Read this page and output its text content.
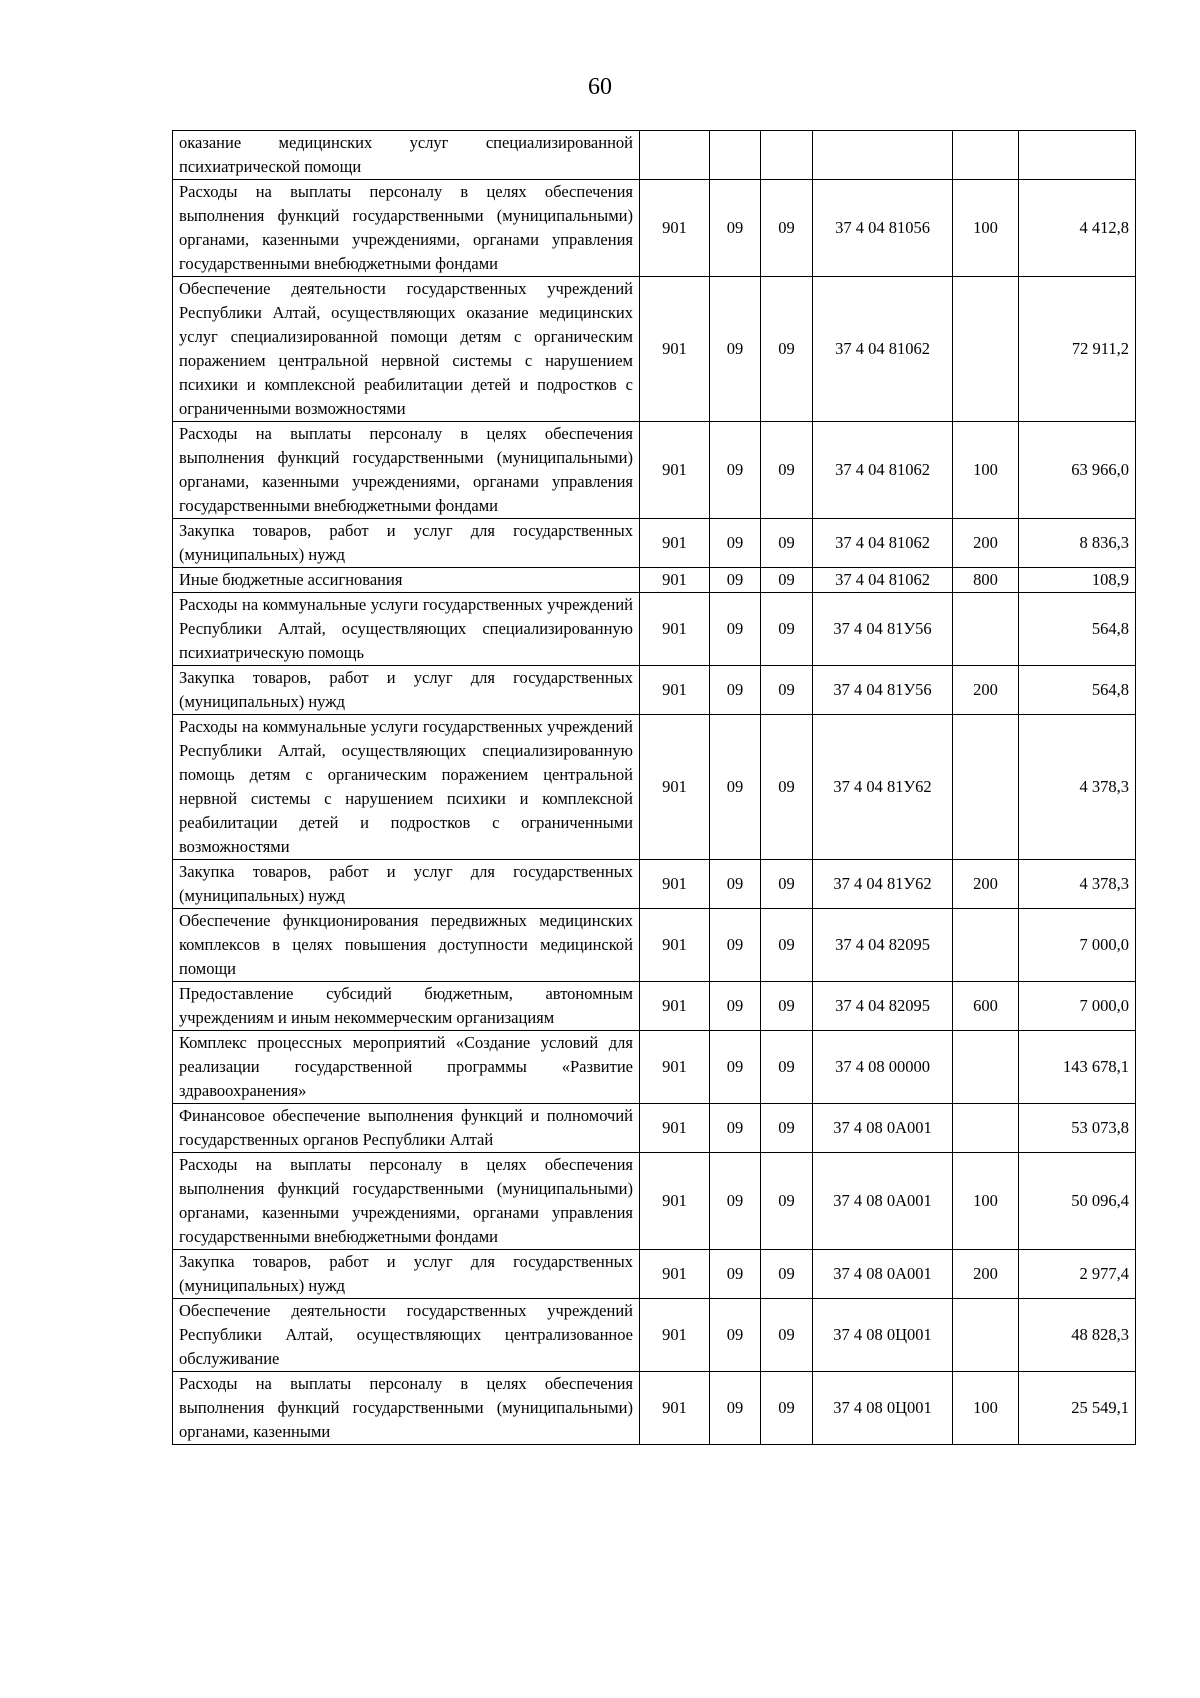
60
оказание медицинских услуг специализированной психиатрической помощи						
Расходы на выплаты персоналу в целях обеспечения выполнения функций государственными (муниципальными) органами, казенными учреждениями, органами управления государственными внебюджетными фондами	901	09	09	37 4 04 81056	100	4 412,8
Обеспечение деятельности государственных учреждений Республики Алтай, осуществляющих оказание медицинских услуг специализированной помощи детям с органическим поражением центральной нервной системы с нарушением психики и комплексной реабилитации детей и подростков с ограниченными возможностями	901	09	09	37 4 04 81062		72 911,2
Расходы на выплаты персоналу в целях обеспечения выполнения функций государственными (муниципальными) органами, казенными учреждениями, органами управления государственными внебюджетными фондами	901	09	09	37 4 04 81062	100	63 966,0
Закупка товаров, работ и услуг для государственных (муниципальных) нужд	901	09	09	37 4 04 81062	200	8 836,3
Иные бюджетные ассигнования	901	09	09	37 4 04 81062	800	108,9
Расходы на коммунальные услуги государственных учреждений Республики Алтай, осуществляющих специализированную психиатрическую помощь	901	09	09	37 4 04 81У56		564,8
Закупка товаров, работ и услуг для государственных (муниципальных) нужд	901	09	09	37 4 04 81У56	200	564,8
Расходы на коммунальные услуги государственных учреждений Республики Алтай, осуществляющих специализированную помощь детям с органическим поражением центральной нервной системы с нарушением психики и комплексной реабилитации детей и подростков с ограниченными возможностями	901	09	09	37 4 04 81У62		4 378,3
Закупка товаров, работ и услуг для государственных (муниципальных) нужд	901	09	09	37 4 04 81У62	200	4 378,3
Обеспечение функционирования передвижных медицинских комплексов в целях повышения доступности медицинской помощи	901	09	09	37 4 04 82095		7 000,0
Предоставление субсидий бюджетным, автономным учреждениям и иным некоммерческим организациям	901	09	09	37 4 04 82095	600	7 000,0
Комплекс процессных мероприятий «Создание условий для реализации государственной программы «Развитие здравоохранения»	901	09	09	37 4 08 00000		143 678,1
Финансовое обеспечение выполнения функций и полномочий государственных органов Республики Алтай	901	09	09	37 4 08 0А001		53 073,8
Расходы на выплаты персоналу в целях обеспечения выполнения функций государственными (муниципальными) органами, казенными учреждениями, органами управления государственными внебюджетными фондами	901	09	09	37 4 08 0А001	100	50 096,4
Закупка товаров, работ и услуг для государственных (муниципальных) нужд	901	09	09	37 4 08 0А001	200	2 977,4
Обеспечение деятельности государственных учреждений Республики Алтай, осуществляющих централизованное обслуживание	901	09	09	37 4 08 0Ц001		48 828,3
Расходы на выплаты персоналу в целях обеспечения выполнения функций государственными (муниципальными) органами, казенными	901	09	09	37 4 08 0Ц001	100	25 549,1
